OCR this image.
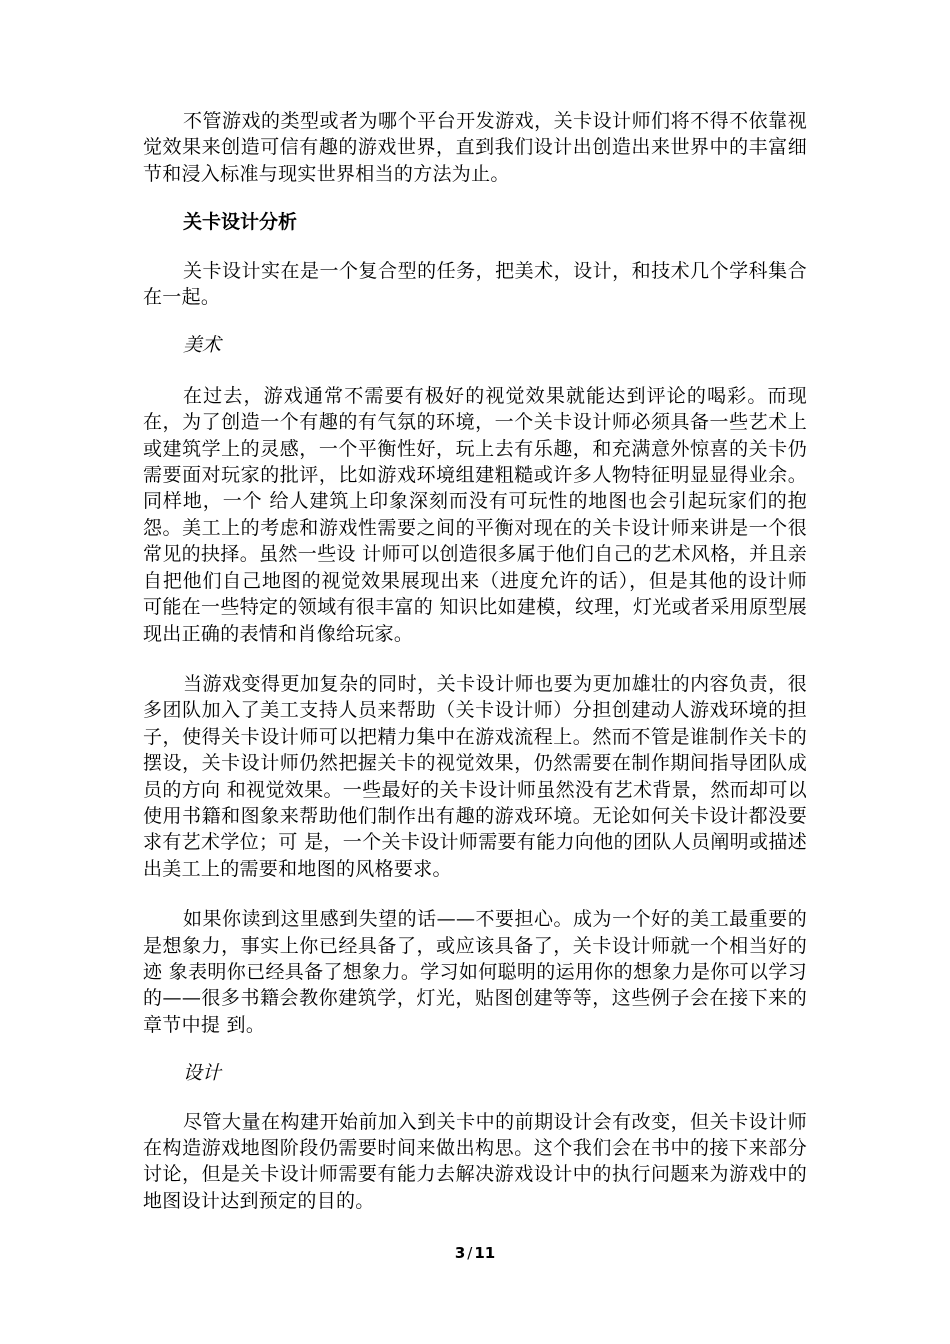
不管游戏的类型或者为哪个平台开发游戏，关卡设计师们将不得不依靠视觉效果来创造可信有趣的游戏世界，直到我们设计出创造出来世界中的丰富细节和浸入标准与现实世界相当的方法为止。

关卡设计分析

关卡设计实在是一个复合型的任务，把美术，设计，和技术几个学科集合在一起。

美术

在过去，游戏通常不需要有极好的视觉效果就能达到评论的喝彩。而现在，为了创造一个有趣的有气氛的环境，一个关卡设计师必须具备一些艺术上或建筑学上的灵感，一个平衡性好，玩上去有乐趣，和充满意外惊喜的关卡仍需要面对玩家的批评，比如游戏环境组建粗糙或许多人物特征明显显得业余。同样地，一个 给人建筑上印象深刻而没有可玩性的地图也会引起玩家们的抱怨。美工上的考虑和游戏性需要之间的平衡对现在的关卡设计师来讲是一个很常见的抉择。虽然一些设 计师可以创造很多属于他们自己的艺术风格，并且亲自把他们自己地图的视觉效果展现出来（进度允许的话），但是其他的设计师可能在一些特定的领域有很丰富的 知识比如建模，纹理，灯光或者采用原型展现出正确的表情和肖像给玩家。

当游戏变得更加复杂的同时，关卡设计师也要为更加雄壮的内容负责，很多团队加入了美工支持人员来帮助（关卡设计师）分担创建动人游戏环境的担子，使得关卡设计师可以把精力集中在游戏流程上。然而不管是谁制作关卡的摆设，关卡设计师仍然把握关卡的视觉效果，仍然需要在制作期间指导团队成员的方向 和视觉效果。一些最好的关卡设计师虽然没有艺术背景，然而却可以使用书籍和图象来帮助他们制作出有趣的游戏环境。无论如何关卡设计都没要求有艺术学位；可 是，一个关卡设计师需要有能力向他的团队人员阐明或描述出美工上的需要和地图的风格要求。

如果你读到这里感到失望的话——不要担心。成为一个好的美工最重要的是想象力，事实上你已经具备了，或应该具备了，关卡设计师就一个相当好的迹 象表明你已经具备了想象力。学习如何聪明的运用你的想象力是你可以学习的——很多书籍会教你建筑学，灯光，贴图创建等等，这些例子会在接下来的章节中提 到。

设计

尽管大量在构建开始前加入到关卡中的前期设计会有改变，但关卡设计师在构造游戏地图阶段仍需要时间来做出构思。这个我们会在书中的接下来部分讨论，但是关卡设计师需要有能力去解决游戏设计中的执行问题来为游戏中的地图设计达到预定的目的。

3 / 11
